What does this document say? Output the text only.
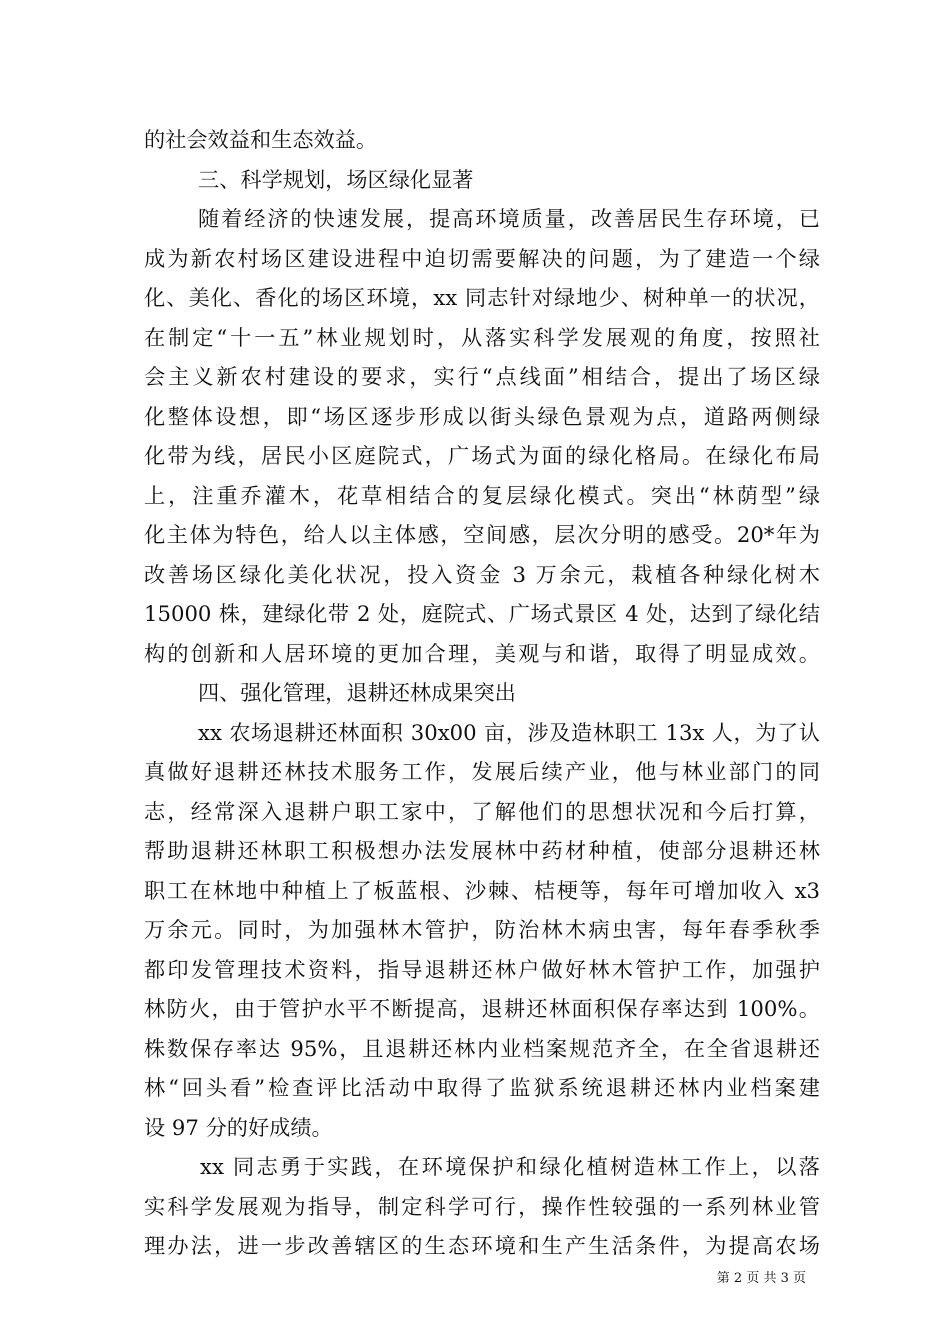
的社会效益和生态效益。
三、科学规划，场区绿化显著
随着经济的快速发展，提高环境质量，改善居民生存环境，已
成为新农村场区建设进程中迫切需要解决的问题，为了建造一个绿
化、美化、香化的场区环境，xx 同志针对绿地少、树种单一的状况，
在制定“十一五”林业规划时，从落实科学发展观的角度，按照社
会主义新农村建设的要求，实行“点线面”相结合，提出了场区绿
化整体设想，即“场区逐步形成以街头绿色景观为点，道路两侧绿
化带为线，居民小区庭院式，广场式为面的绿化格局。在绿化布局
上，注重乔灌木，花草相结合的复层绿化模式。突出“林荫型”绿
化主体为特色，给人以主体感，空间感，层次分明的感受。20*年为
改善场区绿化美化状况，投入资金 3 万余元，栽植各种绿化树木
15000 株，建绿化带 2 处，庭院式、广场式景区 4 处，达到了绿化结
构的创新和人居环境的更加合理，美观与和谐，取得了明显成效。
四、强化管理，退耕还林成果突出
xx 农场退耕还林面积 30x00 亩，涉及造林职工 13x 人，为了认
真做好退耕还林技术服务工作，发展后续产业，他与林业部门的同
志，经常深入退耕户职工家中，了解他们的思想状况和今后打算，
帮助退耕还林职工积极想办法发展林中药材种植，使部分退耕还林
职工在林地中种植上了板蓝根、沙棘、桔梗等，每年可增加收入 x3
万余元。同时，为加强林木管护，防治林木病虫害，每年春季秋季
都印发管理技术资料，指导退耕还林户做好林木管护工作，加强护
林防火，由于管护水平不断提高，退耕还林面积保存率达到 100%。
株数保存率达 95%，且退耕还林内业档案规范齐全，在全省退耕还
林“回头看”检查评比活动中取得了监狱系统退耕还林内业档案建
设 97 分的好成绩。
xx 同志勇于实践，在环境保护和绿化植树造林工作上，以落
实科学发展观为指导，制定科学可行，操作性较强的一系列林业管
理办法，进一步改善辖区的生态环境和生产生活条件，为提高农场
第 2 页 共 3 页
